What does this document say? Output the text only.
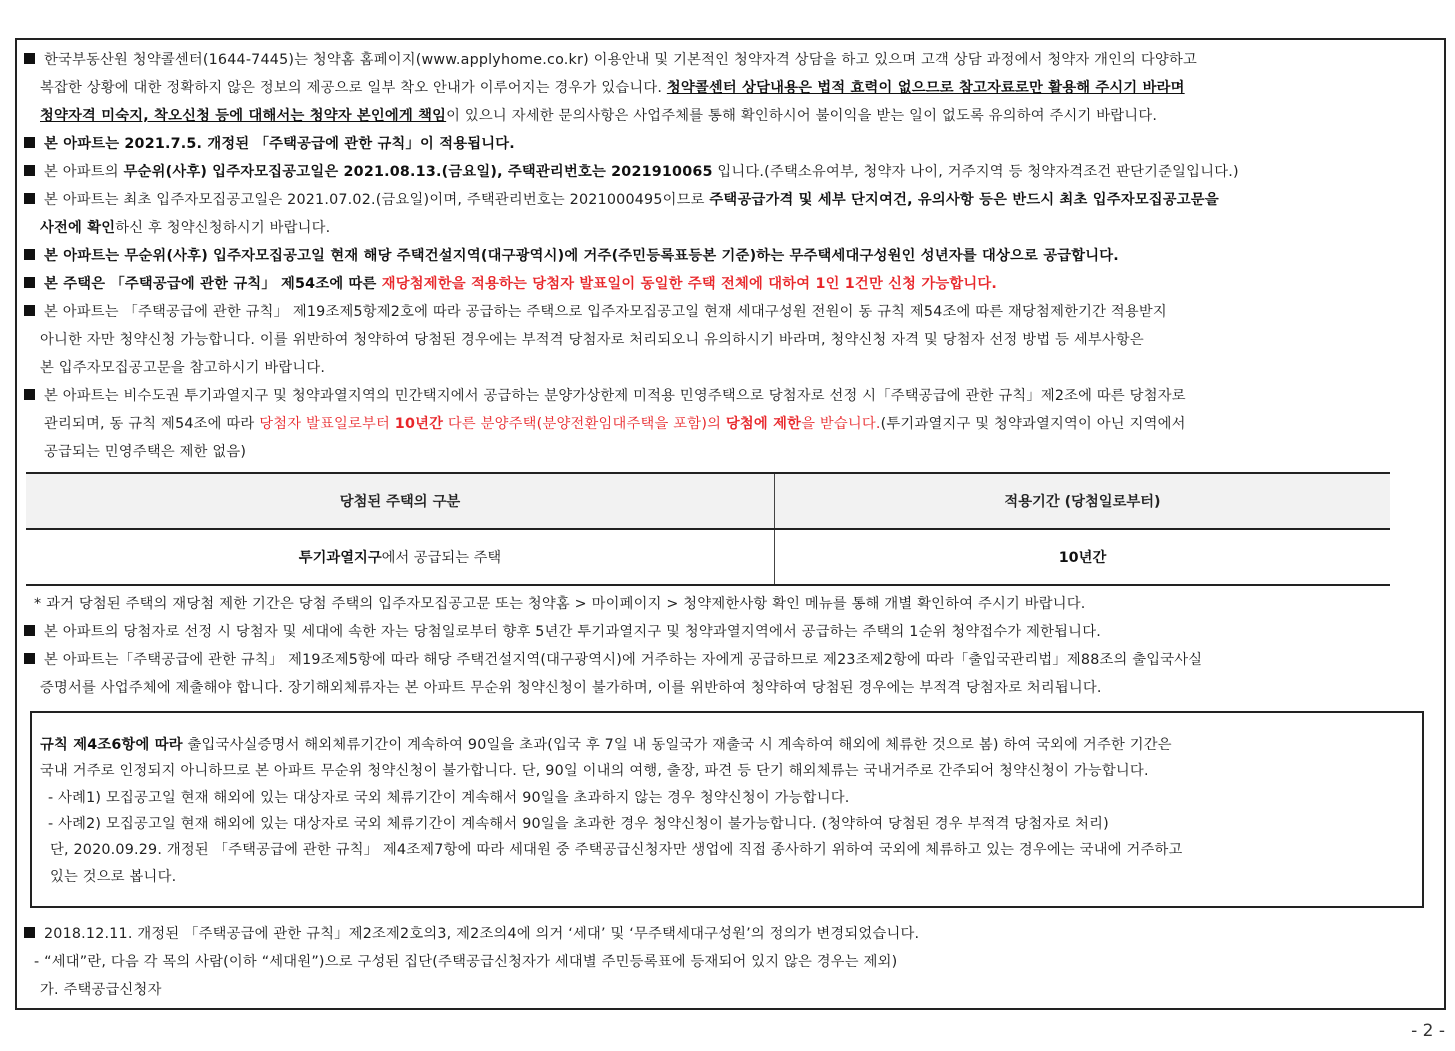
한국부동산원 청약콜센터(1644-7445)는 청약홈 홈페이지(www.applyhome.co.kr) 이용안내 및 기본적인 청약자격 상담을 하고 있으며 고객 상담 과정에서 청약자 개인의 다양하고
복잡한 상황에 대한 정확하지 않은 정보의 제공으로 일부 착오 안내가 이루어지는 경우가 있습니다. 청약콜센터 상담내용은 법적 효력이 없으므로 참고자료로만 활용해 주시기 바라며
청약자격 미숙지, 착오신청 등에 대해서는 청약자 본인에게 책임이 있으니 자세한 문의사항은 사업주체를 통해 확인하시어 불이익을 받는 일이 없도록 유의하여 주시기 바랍니다.
본 아파트는 2021.7.5. 개정된 「주택공급에 관한 규칙」이 적용됩니다.
본 아파트의 무순위(사후) 입주자모집공고일은 2021.08.13.(금요일), 주택관리번호는 2021910065 입니다.(주택소유여부, 청약자 나이, 거주지역 등 청약자격조건 판단기준일입니다.)
본 아파트는 최초 입주자모집공고일은 2021.07.02.(금요일)이며, 주택관리번호는 2021000495이므로 주택공급가격 및 세부 단지여건, 유의사항 등은 반드시 최초 입주자모집공고문을
사전에 확인하신 후 청약신청하시기 바랍니다.
본 아파트는 무순위(사후) 입주자모집공고일 현재 해당 주택건설지역(대구광역시)에 거주(주민등록표등본 기준)하는 무주택세대구성원인 성년자를 대상으로 공급합니다.
본 주택은 「주택공급에 관한 규칙」 제54조에 따른 재당첨제한을 적용하는 당첨자 발표일이 동일한 주택 전체에 대하여 1인 1건만 신청 가능합니다.
본 아파트는 「주택공급에 관한 규칙」 제19조제5항제2호에 따라 공급하는 주택으로 입주자모집공고일 현재 세대구성원 전원이 동 규칙 제54조에 따른 재당첨제한기간 적용받지
아니한 자만 청약신청 가능합니다. 이를 위반하여 청약하여 당첨된 경우에는 부적격 당첨자로 처리되오니 유의하시기 바라며, 청약신청 자격 및 당첨자 선정 방법 등 세부사항은
본 입주자모집공고문을 참고하시기 바랍니다.
본 아파트는 비수도권 투기과열지구 및 청약과열지역의 민간택지에서 공급하는 분양가상한제 미적용 민영주택으로 당첨자로 선정 시「주택공급에 관한 규칙」제2조에 따른 당첨자로
관리되며, 동 규칙 제54조에 따라 당첨자 발표일로부터 10년간 다른 분양주택(분양전환임대주택을 포함)의 당첨에 제한을 받습니다.(투기과열지구 및 청약과열지역이 아닌 지역에서
공급되는 민영주택은 제한 없음)
당첨된 주택의 구분	적용기간 (당첨일로부터)
투기과열지구에서 공급되는 주택	10년간
* 과거 당첨된 주택의 재당첨 제한 기간은 당첨 주택의 입주자모집공고문 또는 청약홈 > 마이페이지 > 청약제한사항 확인 메뉴를 통해 개별 확인하여 주시기 바랍니다.
본 아파트의 당첨자로 선정 시 당첨자 및 세대에 속한 자는 당첨일로부터 향후 5년간 투기과열지구 및 청약과열지역에서 공급하는 주택의 1순위 청약접수가 제한됩니다.
본 아파트는「주택공급에 관한 규칙」 제19조제5항에 따라 해당 주택건설지역(대구광역시)에 거주하는 자에게 공급하므로 제23조제2항에 따라「출입국관리법」제88조의 출입국사실
증명서를 사업주체에 제출해야 합니다. 장기해외체류자는 본 아파트 무순위 청약신청이 불가하며, 이를 위반하여 청약하여 당첨된 경우에는 부적격 당첨자로 처리됩니다.
규칙 제4조6항에 따라 출입국사실증명서 해외체류기간이 계속하여 90일을 초과(입국 후 7일 내 동일국가 재출국 시 계속하여 해외에 체류한 것으로 봄) 하여 국외에 거주한 기간은
국내 거주로 인정되지 아니하므로 본 아파트 무순위 청약신청이 불가합니다. 단, 90일 이내의 여행, 출장, 파견 등 단기 해외체류는 국내거주로 간주되어 청약신청이 가능합니다.
- 사례1) 모집공고일 현재 해외에 있는 대상자로 국외 체류기간이 계속해서 90일을 초과하지 않는 경우 청약신청이 가능합니다.
- 사례2) 모집공고일 현재 해외에 있는 대상자로 국외 체류기간이 계속해서 90일을 초과한 경우 청약신청이 불가능합니다. (청약하여 당첨된 경우 부적격 당첨자로 처리)
단, 2020.09.29. 개정된 「주택공급에 관한 규칙」 제4조제7항에 따라 세대원 중 주택공급신청자만 생업에 직접 종사하기 위하여 국외에 체류하고 있는 경우에는 국내에 거주하고
있는 것으로 봅니다.
2018.12.11. 개정된 「주택공급에 관한 규칙」제2조제2호의3, 제2조의4에 의거 ‘세대’ 및 ‘무주택세대구성원’의 정의가 변경되었습니다.
- “세대”란, 다음 각 목의 사람(이하 “세대원”)으로 구성된 집단(주택공급신청자가 세대별 주민등록표에 등재되어 있지 않은 경우는 제외)
가. 주택공급신청자
- 2 -
